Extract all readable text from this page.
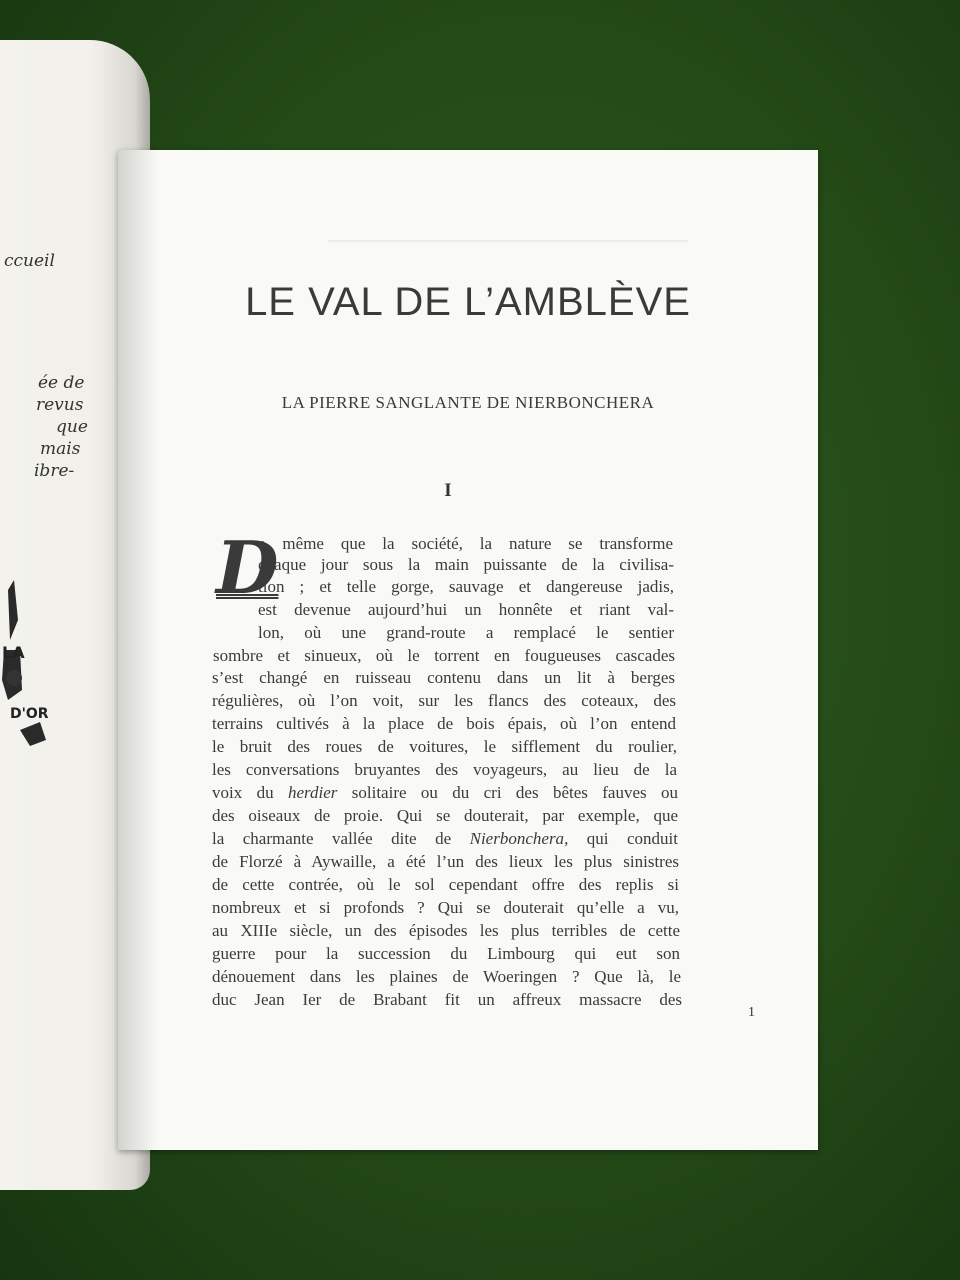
ccueil
ée de
revus
que
mais
ibre-
LA
D'OR
LE VAL DE L’AMBLÈVE
LA PIERRE SANGLANTE DE NIERBONCHERA
I
D
e même que la société, la nature se transforme
chaque jour sous la main puissante de la civilisa-
tion ; et telle gorge, sauvage et dangereuse jadis,
est devenue aujourd’hui un honnête et riant val-
lon, où une grand-route a remplacé le sentier
sombre et sinueux, où le torrent en fougueuses cascades
s’est changé en ruisseau contenu dans un lit à berges
régulières, où l’on voit, sur les flancs des coteaux, des
terrains cultivés à la place de bois épais, où l’on entend
le bruit des roues de voitures, le sifflement du roulier,
les conversations bruyantes des voyageurs, au lieu de la
voix du herdier solitaire ou du cri des bêtes fauves ou
des oiseaux de proie. Qui se douterait, par exemple, que
la charmante vallée dite de Nierbonchera, qui conduit
de Florzé à Aywaille, a été l’un des lieux les plus sinistres
de cette contrée, où le sol cependant offre des replis si
nombreux et si profonds ? Qui se douterait qu’elle a vu,
au XIIIe siècle, un des épisodes les plus terribles de cette
guerre pour la succession du Limbourg qui eut son
dénouement dans les plaines de Woeringen ? Que là, le
duc Jean Ier de Brabant fit un affreux massacre des
1
